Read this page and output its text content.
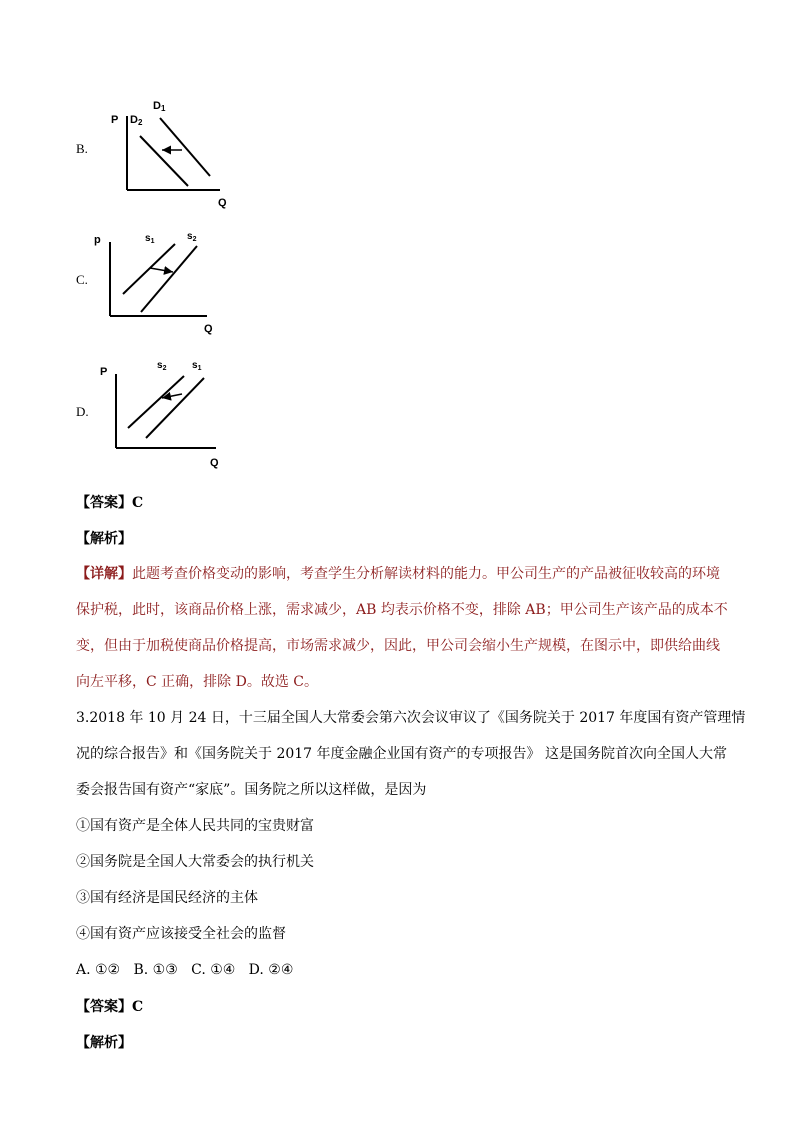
B.
P
Q
D1
D2
C.
p
Q
$s_1$	$s_2$
D.
P
Q
$s_2$	$s_1$
【答案】C
【解析】
【详解】此题考查价格变动的影响，考查学生分析解读材料的能力。甲公司生产的产品被征收较高的环境
保护税，此时，该商品价格上涨，需求减少，AB 均表示价格不变，排除 AB；甲公司生产该产品的成本不
变，但由于加税使商品价格提高，市场需求减少，因此，甲公司会缩小生产规模，在图示中，即供给曲线
向左平移，C 正确，排除 D。故选 C。
3.2018 年 10 月 24 日，十三届全国人大常委会第六次会议审议了《国务院关于 2017 年度国有资产管理情
况的综合报告》和《国务院关于 2017 年度金融企业国有资产的专项报告》 这是国务院首次向全国人大常
委会报告国有资产“家底”。国务院之所以这样做，是因为
①国有资产是全体人民共同的宝贵财富
②国务院是全国人大常委会的执行机关
③国有经济是国民经济的主体
④国有资产应该接受全社会的监督
A. ①②   B. ①③   C. ①④   D. ②④
【答案】C
【解析】
